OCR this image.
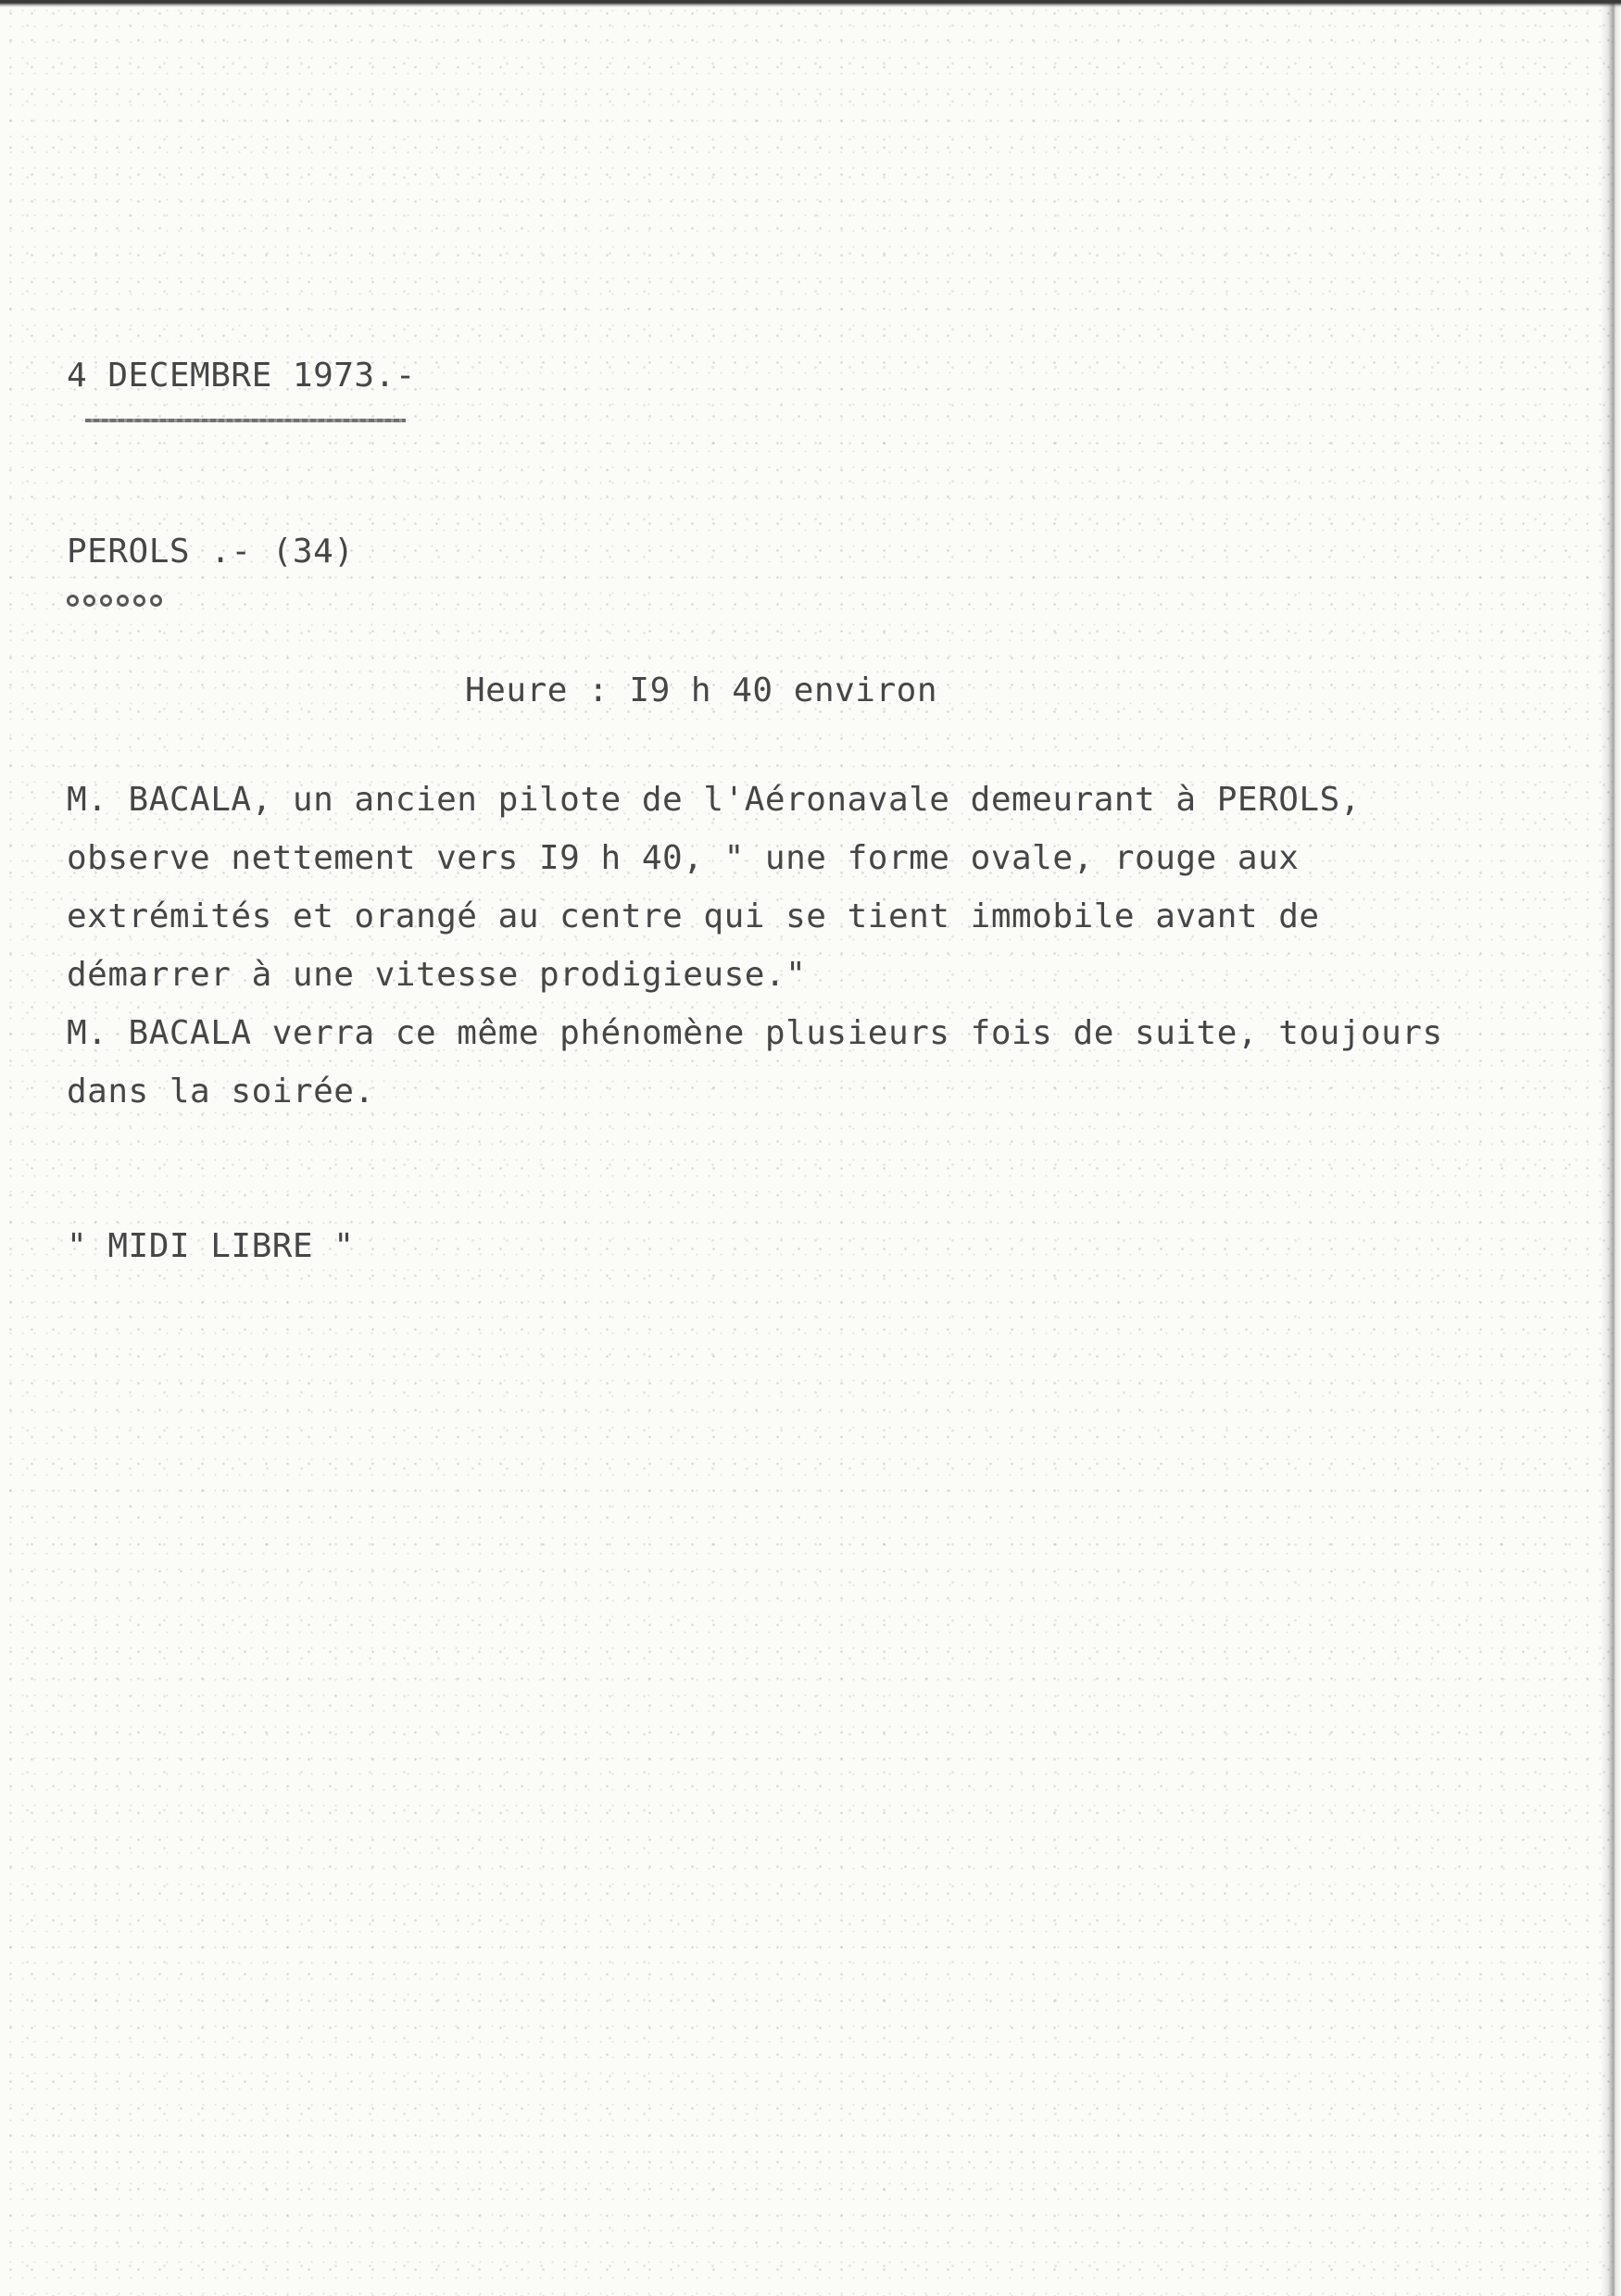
4 DECEMBRE 1973.-
PEROLS .- (34)
Heure : I9 h 40 environ
M. BACALA, un ancien pilote de l'Aéronavale demeurant à PEROLS,
observe nettement vers I9 h 40, " une forme ovale, rouge aux
extrémités et orangé au centre qui se tient immobile avant de
démarrer à une vitesse prodigieuse."
M. BACALA verra ce même phénomène plusieurs fois de suite, toujours
dans la soirée.
" MIDI LIBRE "
